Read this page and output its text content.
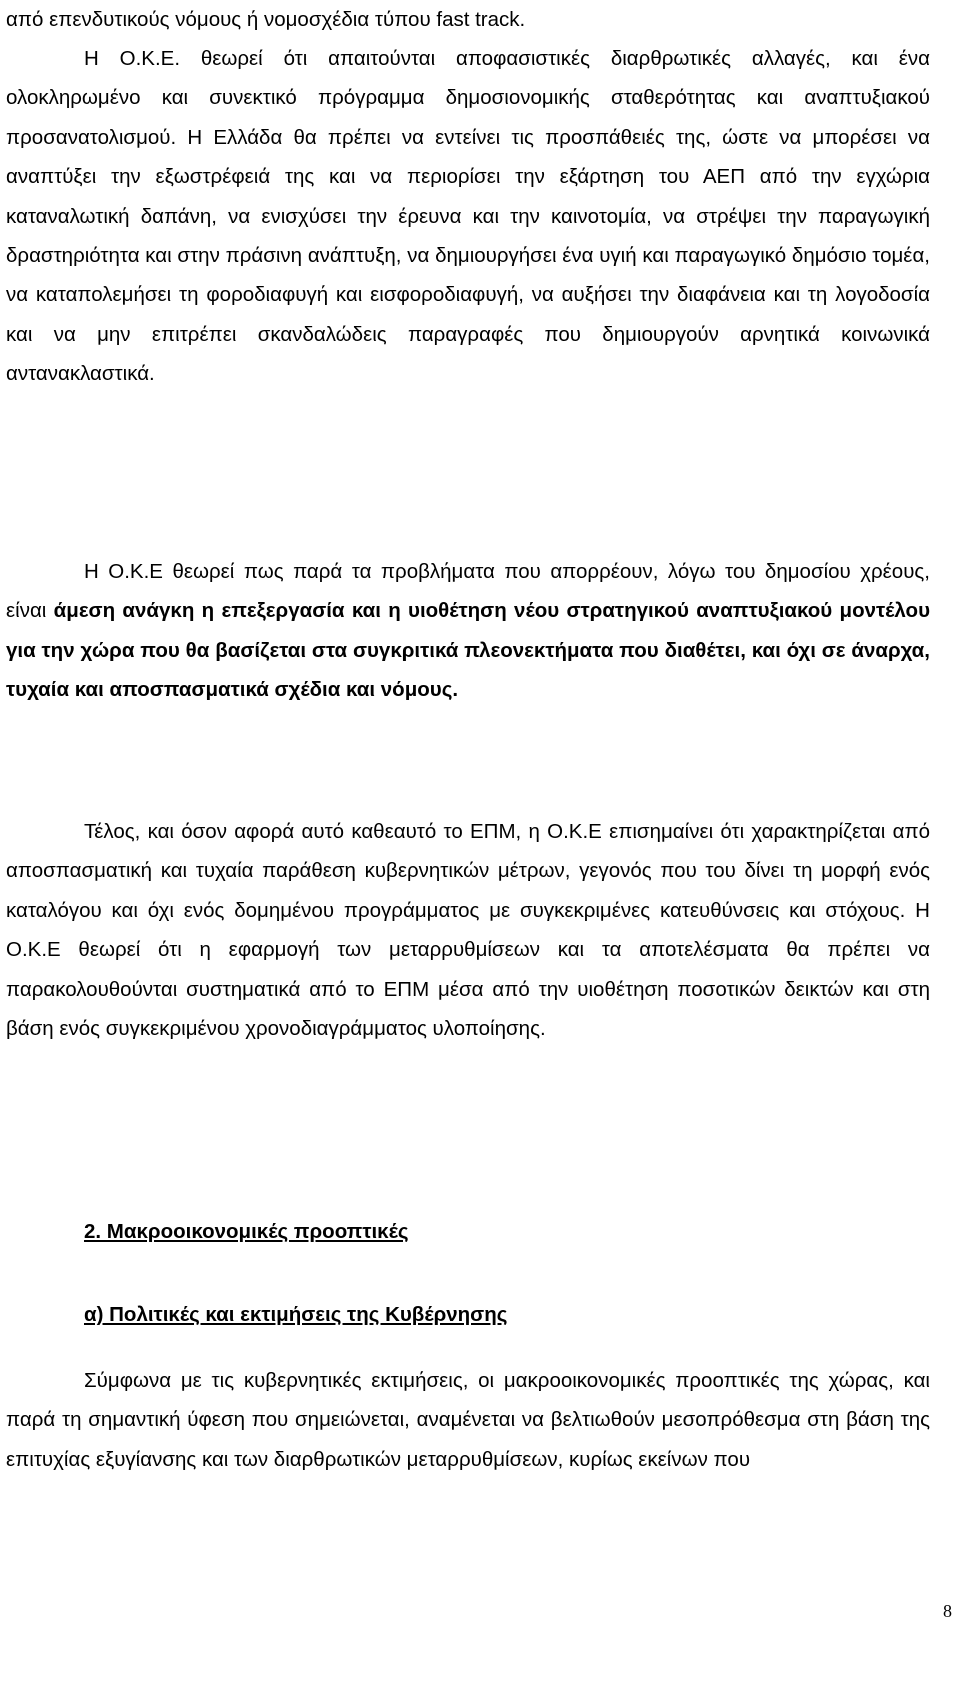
από επενδυτικούς νόμους ή νομοσχέδια τύπου fast track.

Η Ο.Κ.Ε. θεωρεί ότι απαιτούνται αποφασιστικές διαρθρωτικές αλλαγές, και ένα ολοκληρωμένο και συνεκτικό πρόγραμμα δημοσιονομικής σταθερότητας και αναπτυξιακού προσανατολισμού. Η Ελλάδα θα πρέπει να εντείνει τις προσπάθειές της, ώστε να μπορέσει να αναπτύξει την εξωστρέφειά της και να περιορίσει την εξάρτηση του ΑΕΠ από την εγχώρια καταναλωτική δαπάνη, να ενισχύσει την έρευνα και την καινοτομία, να στρέψει την παραγωγική δραστηριότητα και στην πράσινη ανάπτυξη, να δημιουργήσει ένα υγιή και παραγωγικό δημόσιο τομέα, να καταπολεμήσει τη φοροδιαφυγή και εισφοροδιαφυγή, να αυξήσει την διαφάνεια και τη λογοδοσία και να μην επιτρέπει σκανδαλώδεις παραγραφές που δημιουργούν αρνητικά κοινωνικά αντανακλαστικά.

Η Ο.Κ.Ε θεωρεί πως παρά τα προβλήματα που απορρέουν, λόγω του δημοσίου χρέους, είναι άμεση ανάγκη η επεξεργασία και η υιοθέτηση νέου στρατηγικού αναπτυξιακού μοντέλου για την χώρα που θα βασίζεται στα συγκριτικά πλεονεκτήματα που διαθέτει, και όχι σε άναρχα, τυχαία και αποσπασματικά σχέδια και νόμους.

Τέλος, και όσον αφορά αυτό καθεαυτό το ΕΠΜ, η Ο.Κ.Ε επισημαίνει ότι χαρακτηρίζεται από αποσπασματική και τυχαία παράθεση κυβερνητικών μέτρων, γεγονός που του δίνει τη μορφή ενός καταλόγου και όχι ενός δομημένου προγράμματος με συγκεκριμένες κατευθύνσεις και στόχους. Η Ο.Κ.Ε θεωρεί ότι η εφαρμογή των μεταρρυθμίσεων και τα αποτελέσματα θα πρέπει να παρακολουθούνται συστηματικά από το ΕΠΜ μέσα από την υιοθέτηση ποσοτικών δεικτών και στη βάση ενός συγκεκριμένου χρονοδιαγράμματος υλοποίησης.

2. Μακροοικονομικές προοπτικές

α) Πολιτικές και εκτιμήσεις της Κυβέρνησης

Σύμφωνα με τις κυβερνητικές εκτιμήσεις, οι μακροοικονομικές προοπτικές της χώρας, και παρά τη σημαντική ύφεση που σημειώνεται, αναμένεται να βελτιωθούν μεσοπρόθεσμα στη βάση της επιτυχίας εξυγίανσης και των διαρθρωτικών μεταρρυθμίσεων, κυρίως εκείνων που

8
